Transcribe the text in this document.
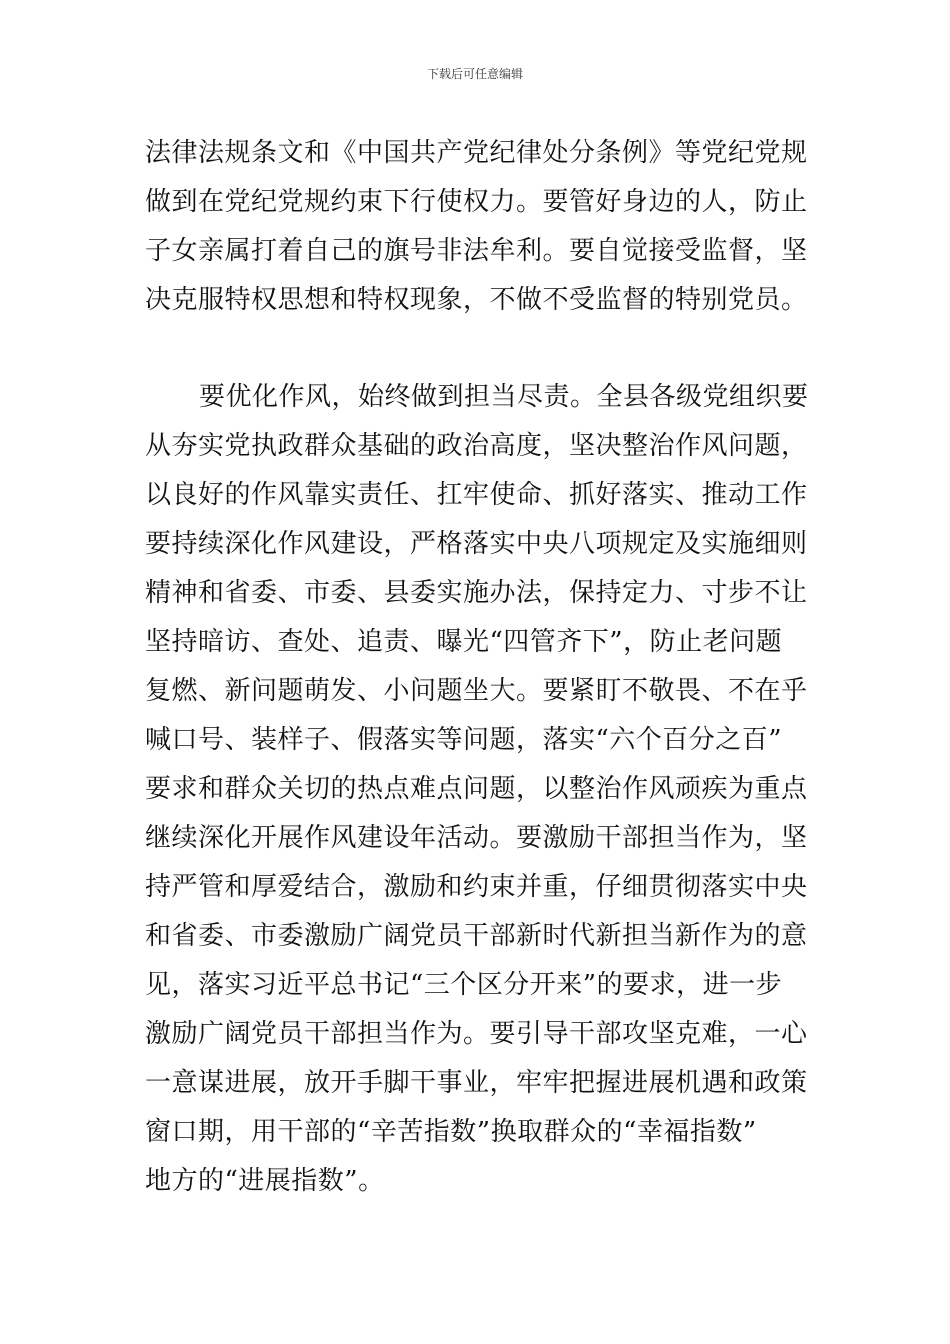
下载后可任意编辑
法律法规条文和《中国共产党纪律处分条例》等党纪党规
做到在党纪党规约束下行使权力。要管好身边的人，防止
子女亲属打着自己的旗号非法牟利。要自觉接受监督，坚
决克服特权思想和特权现象，不做不受监督的特别党员。
要优化作风，始终做到担当尽责。全县各级党组织要
从夯实党执政群众基础的政治高度，坚决整治作风问题，
以良好的作风靠实责任、扛牢使命、抓好落实、推动工作
要持续深化作风建设，严格落实中央八项规定及实施细则
精神和省委、市委、县委实施办法，保持定力、寸步不让
坚持暗访、查处、追责、曝光“四管齐下”，防止老问题
复燃、新问题萌发、小问题坐大。要紧盯不敬畏、不在乎
喊口号、装样子、假落实等问题，落实“六个百分之百”
要求和群众关切的热点难点问题，以整治作风顽疾为重点
继续深化开展作风建设年活动。要激励干部担当作为，坚
持严管和厚爱结合，激励和约束并重，仔细贯彻落实中央
和省委、市委激励广阔党员干部新时代新担当新作为的意
见，落实习近平总书记“三个区分开来”的要求，进一步
激励广阔党员干部担当作为。要引导干部攻坚克难，一心
一意谋进展，放开手脚干事业，牢牢把握进展机遇和政策
窗口期，用干部的“辛苦指数”换取群众的“幸福指数”
地方的“进展指数”。
